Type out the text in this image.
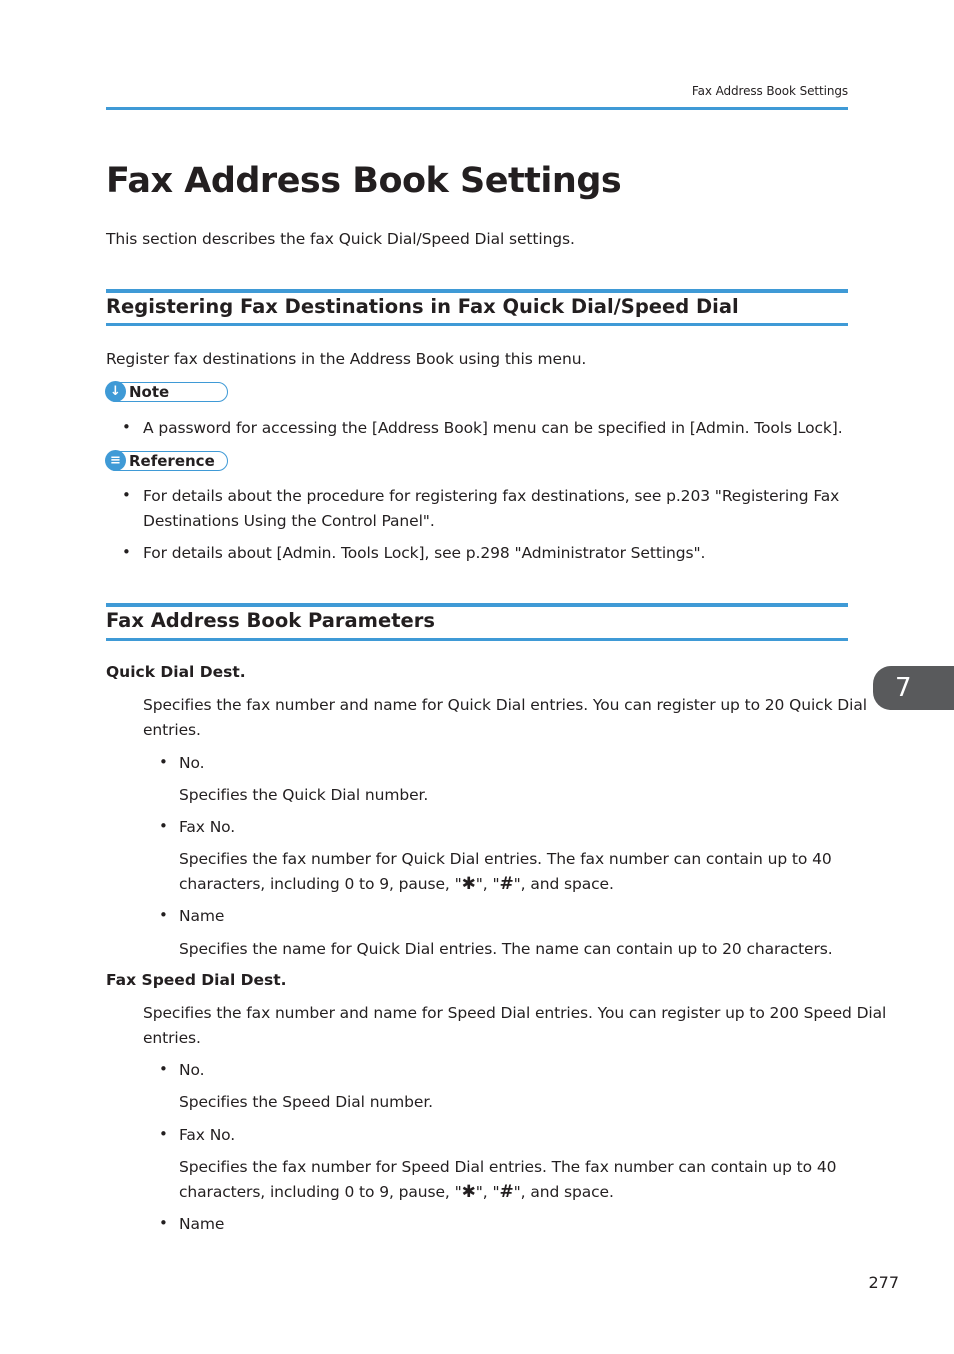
Fax Address Book Settings
Fax Address Book Settings

This section describes the fax Quick Dial/Speed Dial settings.

Registering Fax Destinations in Fax Quick Dial/Speed Dial

Register fax destinations in the Address Book using this menu.

↓ Note
• A password for accessing the [Address Book] menu can be specified in [Admin. Tools Lock].

≡ Reference
• For details about the procedure for registering fax destinations, see p.203 "Registering Fax

Destinations Using the Control Panel".

• For details about [Admin. Tools Lock], see p.298 "Administrator Settings".

Fax Address Book Parameters

Quick Dial Dest.

Specifies the fax number and name for Quick Dial entries. You can register up to 20 Quick Dial

entries.

• No.

Specifies the Quick Dial number.

• Fax No.

Specifies the fax number for Quick Dial entries. The fax number can contain up to 40

characters, including 0 to 9, pause, "✱", "#", and space.

• Name

Specifies the name for Quick Dial entries. The name can contain up to 20 characters.

Fax Speed Dial Dest.

Specifies the fax number and name for Speed Dial entries. You can register up to 200 Speed Dial

entries.

• No.

Specifies the Speed Dial number.

• Fax No.

Specifies the fax number for Speed Dial entries. The fax number can contain up to 40

characters, including 0 to 9, pause, "✱", "#", and space.

• Name

7
277
